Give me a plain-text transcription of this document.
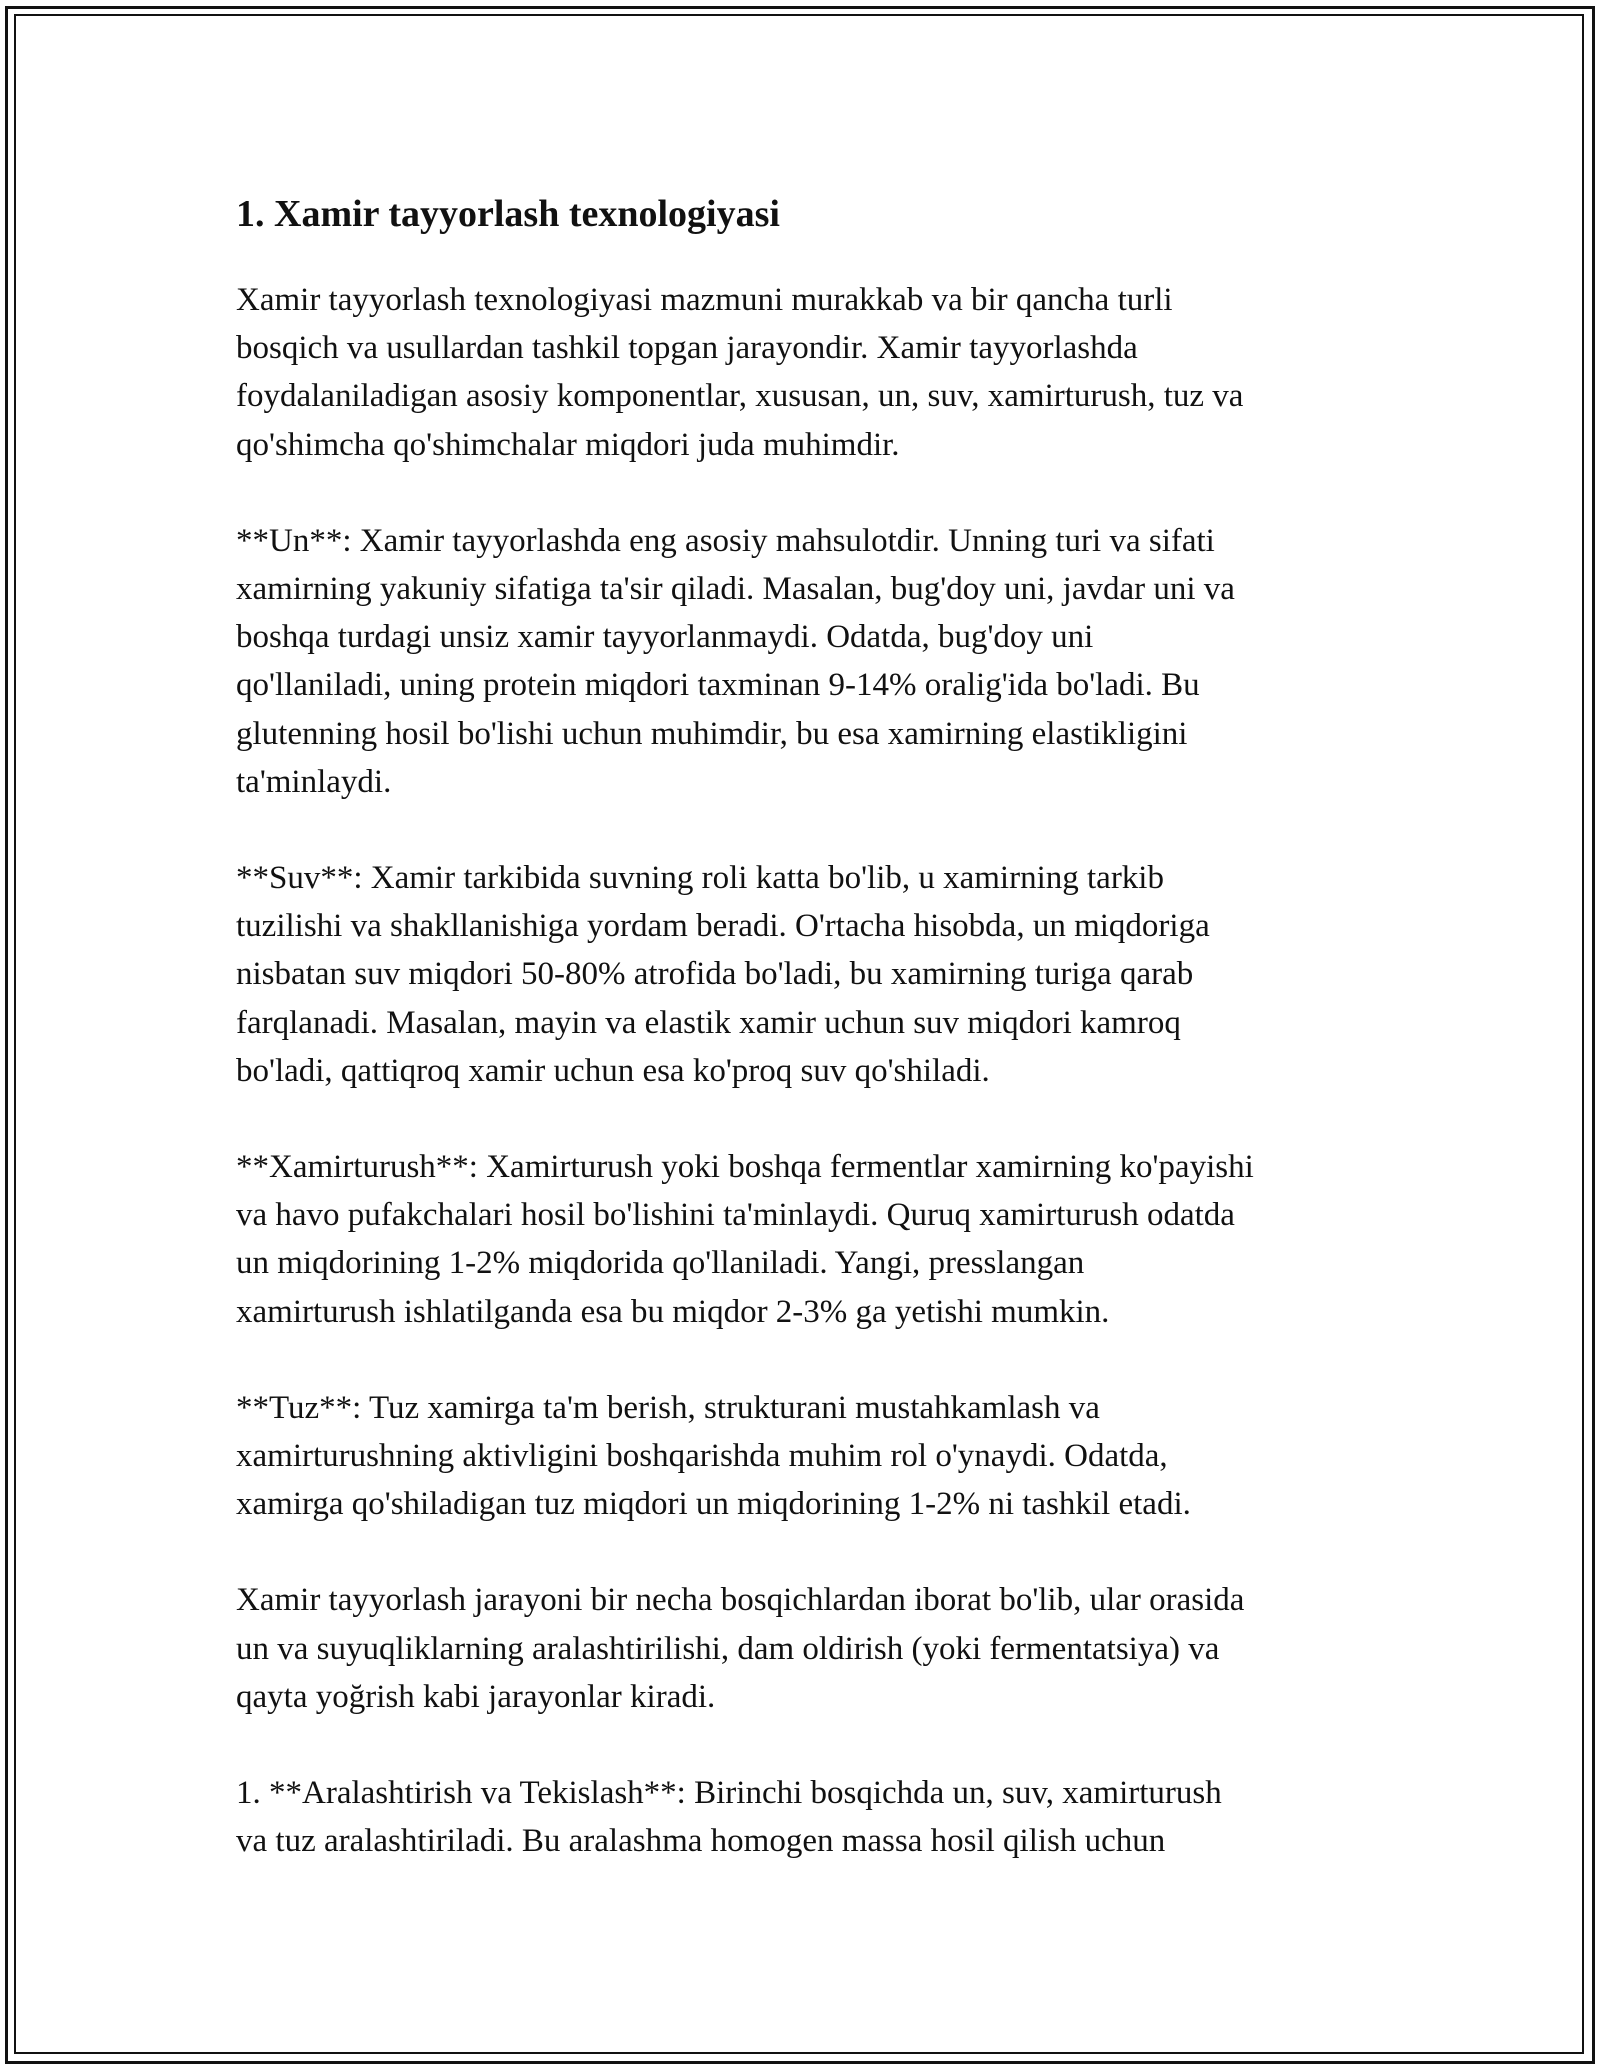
1. Xamir tayyorlash texnologiyasi

Xamir tayyorlash texnologiyasi mazmuni murakkab va bir qancha turli
bosqich va usullardan tashkil topgan jarayondir. Xamir tayyorlashda
foydalaniladigan asosiy komponentlar, xususan, un, suv, xamirturush, tuz va
qo'shimcha qo'shimchalar miqdori juda muhimdir.

**Un**: Xamir tayyorlashda eng asosiy mahsulotdir. Unning turi va sifati
xamirning yakuniy sifatiga ta'sir qiladi. Masalan, bug'doy uni, javdar uni va
boshqa turdagi unsiz xamir tayyorlanmaydi. Odatda, bug'doy uni
qo'llaniladi, uning protein miqdori taxminan 9-14% oralig'ida bo'ladi. Bu
glutenning hosil bo'lishi uchun muhimdir, bu esa xamirning elastikligini
ta'minlaydi.

**Suv**: Xamir tarkibida suvning roli katta bo'lib, u xamirning tarkib
tuzilishi va shakllanishiga yordam beradi. O'rtacha hisobda, un miqdoriga
nisbatan suv miqdori 50-80% atrofida bo'ladi, bu xamirning turiga qarab
farqlanadi. Masalan, mayin va elastik xamir uchun suv miqdori kamroq
bo'ladi, qattiqroq xamir uchun esa ko'proq suv qo'shiladi.

**Xamirturush**: Xamirturush yoki boshqa fermentlar xamirning ko'payishi
va havo pufakchalari hosil bo'lishini ta'minlaydi. Quruq xamirturush odatda
un miqdorining 1-2% miqdorida qo'llaniladi. Yangi, presslangan
xamirturush ishlatilganda esa bu miqdor 2-3% ga yetishi mumkin.

**Tuz**: Tuz xamirga ta'm berish, strukturani mustahkamlash va
xamirturushning aktivligini boshqarishda muhim rol o'ynaydi. Odatda,
xamirga qo'shiladigan tuz miqdori un miqdorining 1-2% ni tashkil etadi.

Xamir tayyorlash jarayoni bir necha bosqichlardan iborat bo'lib, ular orasida
un va suyuqliklarning aralashtirilishi, dam oldirish (yoki fermentatsiya) va
qayta yoğrish kabi jarayonlar kiradi.

1. **Aralashtirish va Tekislash**: Birinchi bosqichda un, suv, xamirturush
va tuz aralashtiriladi. Bu aralashma homogen massa hosil qilish uchun
